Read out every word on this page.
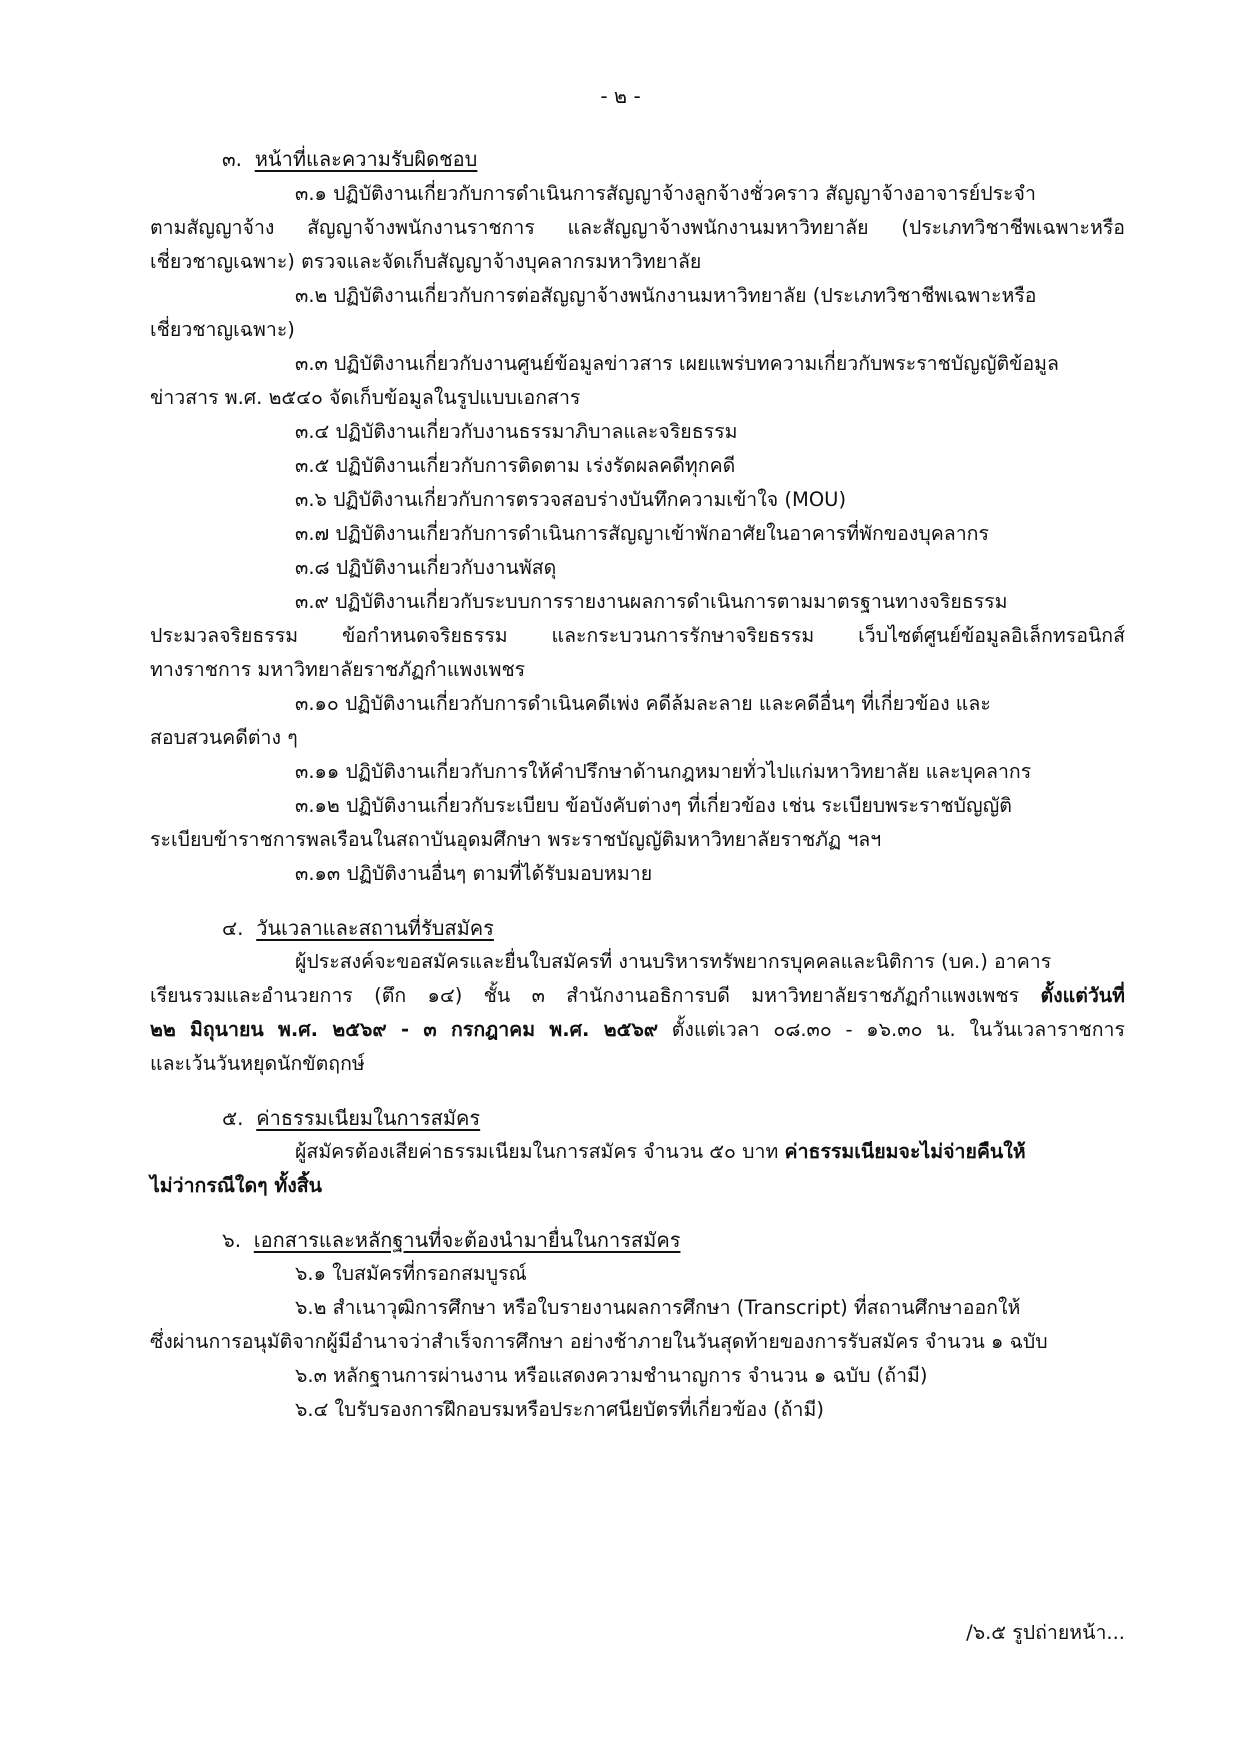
- ๒ -
๓. หน้าที่และความรับผิดชอบ
๓.๑ ปฏิบัติงานเกี่ยวกับการดำเนินการสัญญาจ้างลูกจ้างชั่วคราว สัญญาจ้างอาจารย์ประจำ
ตามสัญญาจ้าง สัญญาจ้างพนักงานราชการ และสัญญาจ้างพนักงานมหาวิทยาลัย (ประเภทวิชาชีพเฉพาะหรือ
เชี่ยวชาญเฉพาะ) ตรวจและจัดเก็บสัญญาจ้างบุคลากรมหาวิทยาลัย
๓.๒ ปฏิบัติงานเกี่ยวกับการต่อสัญญาจ้างพนักงานมหาวิทยาลัย (ประเภทวิชาชีพเฉพาะหรือ
เชี่ยวชาญเฉพาะ)
๓.๓ ปฏิบัติงานเกี่ยวกับงานศูนย์ข้อมูลข่าวสาร เผยแพร่บทความเกี่ยวกับพระราชบัญญัติข้อมูล
ข่าวสาร พ.ศ. ๒๕๔๐ จัดเก็บข้อมูลในรูปแบบเอกสาร
๓.๔ ปฏิบัติงานเกี่ยวกับงานธรรมาภิบาลและจริยธรรม
๓.๕ ปฏิบัติงานเกี่ยวกับการติดตาม เร่งรัดผลคดีทุกคดี
๓.๖ ปฏิบัติงานเกี่ยวกับการตรวจสอบร่างบันทึกความเข้าใจ (MOU)
๓.๗ ปฏิบัติงานเกี่ยวกับการดำเนินการสัญญาเข้าพักอาศัยในอาคารที่พักของบุคลากร
๓.๘ ปฏิบัติงานเกี่ยวกับงานพัสดุ
๓.๙ ปฏิบัติงานเกี่ยวกับระบบการรายงานผลการดำเนินการตามมาตรฐานทางจริยธรรม
ประมวลจริยธรรม ข้อกำหนดจริยธรรม และกระบวนการรักษาจริยธรรม เว็บไซต์ศูนย์ข้อมูลอิเล็กทรอนิกส์
ทางราชการ มหาวิทยาลัยราชภัฏกำแพงเพชร
๓.๑๐ ปฏิบัติงานเกี่ยวกับการดำเนินคดีเพ่ง คดีล้มละลาย และคดีอื่นๆ ที่เกี่ยวข้อง และ
สอบสวนคดีต่าง ๆ
๓.๑๑ ปฏิบัติงานเกี่ยวกับการให้คำปรึกษาด้านกฎหมายทั่วไปแก่มหาวิทยาลัย และบุคลากร
๓.๑๒ ปฏิบัติงานเกี่ยวกับระเบียบ ข้อบังคับต่างๆ ที่เกี่ยวข้อง เช่น ระเบียบพระราชบัญญัติ
ระเบียบข้าราชการพลเรือนในสถาบันอุดมศึกษา พระราชบัญญัติมหาวิทยาลัยราชภัฏ ฯลฯ
๓.๑๓ ปฏิบัติงานอื่นๆ ตามที่ได้รับมอบหมาย
๔. วันเวลาและสถานที่รับสมัคร
ผู้ประสงค์จะขอสมัครและยื่นใบสมัครที่ งานบริหารทรัพยากรบุคคลและนิติการ (บค.) อาคาร
เรียนรวมและอำนวยการ (ตึก ๑๔) ชั้น ๓ สำนักงานอธิการบดี มหาวิทยาลัยราชภัฏกำแพงเพชร ตั้งแต่วันที่
๒๒ มิถุนายน พ.ศ. ๒๕๖๙ - ๓ กรกฎาคม พ.ศ. ๒๕๖๙ ตั้งแต่เวลา ๐๘.๓๐ - ๑๖.๓๐ น. ในวันเวลาราชการ
และเว้นวันหยุดนักขัตฤกษ์
๕. ค่าธรรมเนียมในการสมัคร
ผู้สมัครต้องเสียค่าธรรมเนียมในการสมัคร จำนวน ๕๐ บาท ค่าธรรมเนียมจะไม่จ่ายคืนให้
ไม่ว่ากรณีใดๆ ทั้งสิ้น
๖. เอกสารและหลักฐานที่จะต้องนำมายื่นในการสมัคร
๖.๑ ใบสมัครที่กรอกสมบูรณ์
๖.๒ สำเนาวุฒิการศึกษา หรือใบรายงานผลการศึกษา (Transcript) ที่สถานศึกษาออกให้
ซึ่งผ่านการอนุมัติจากผู้มีอำนาจว่าสำเร็จการศึกษา อย่างช้าภายในวันสุดท้ายของการรับสมัคร จำนวน ๑ ฉบับ
๖.๓ หลักฐานการผ่านงาน หรือแสดงความชำนาญการ จำนวน ๑ ฉบับ (ถ้ามี)
๖.๔ ใบรับรองการฝึกอบรมหรือประกาศนียบัตรที่เกี่ยวข้อง (ถ้ามี)
/๖.๕ รูปถ่ายหน้า...
